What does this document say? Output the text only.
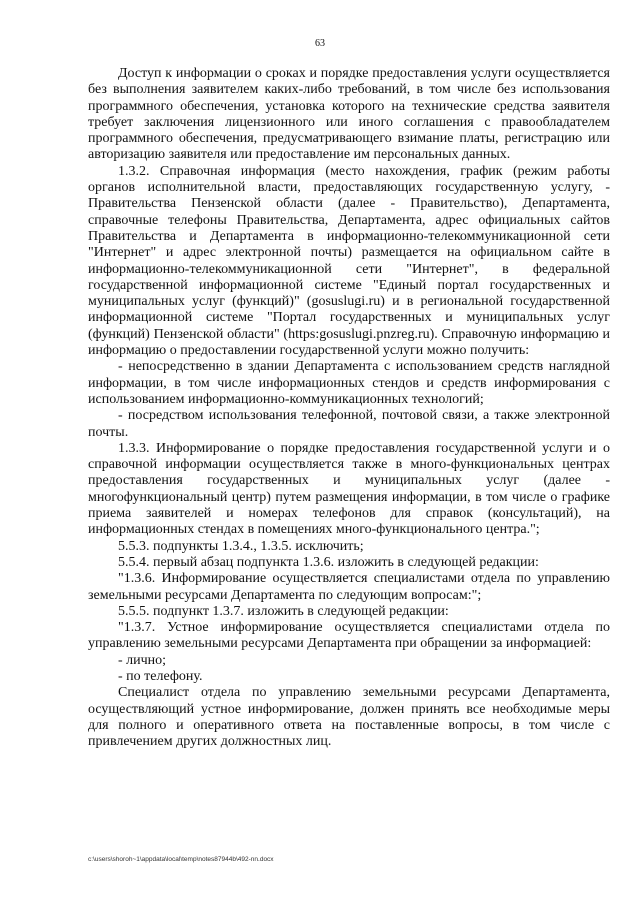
63

Доступ к информации о сроках и порядке предоставления услуги осуществляется без выполнения заявителем каких-либо требований, в том числе без использования программного обеспечения, установка которого на технические средства заявителя требует заключения лицензионного или иного соглашения с правообладателем программного обеспечения, предусматривающего взимание платы, регистрацию или авторизацию заявителя или предоставление им персональных данных.

1.3.2. Справочная информация (место нахождения, график (режим работы органов исполнительной власти, предоставляющих государственную услугу, - Правительства Пензенской области (далее - Правительство), Департамента, справочные телефоны Правительства, Департамента, адрес официальных сайтов Правительства и Департамента в информационно-телекоммуникационной сети "Интернет" и адрес электронной почты) размещается на официальном сайте в информационно-телекоммуникационной сети "Интернет", в федеральной государственной информационной системе "Единый портал государственных и муниципальных услуг (функций)" (gosuslugi.ru) и в региональной государственной информационной системе "Портал государственных и муниципальных услуг (функций) Пензенской области" (https:gosuslugi.pnzreg.ru). Справочную информацию и информацию о предоставлении государственной услуги можно получить:

- непосредственно в здании Департамента с использованием средств наглядной информации, в том числе информационных стендов и средств информирования с использованием информационно-коммуникационных технологий;

- посредством использования телефонной, почтовой связи, а также электронной почты.

1.3.3. Информирование о порядке предоставления государственной услуги и о справочной информации осуществляется также в много-функциональных центрах предоставления государственных и муниципальных услуг (далее - многофункциональный центр) путем размещения информации, в том числе о графике приема заявителей и номерах телефонов для справок (консультаций), на информационных стендах в помещениях много-функционального центра.";

5.5.3. подпункты 1.3.4., 1.3.5. исключить;

5.5.4. первый абзац подпункта 1.3.6. изложить в следующей редакции:

"1.3.6. Информирование осуществляется специалистами отдела по управлению земельными ресурсами Департамента по следующим вопросам:";

5.5.5. подпункт 1.3.7. изложить в следующей редакции:

"1.3.7. Устное информирование осуществляется специалистами отдела по управлению земельными ресурсами Департамента при обращении за информацией:

- лично;

- по телефону.

Специалист отдела по управлению земельными ресурсами Департамента, осуществляющий устное информирование, должен принять все необходимые меры для полного и оперативного ответа на поставленные вопросы, в том числе с привлечением других должностных лиц.

c:\users\shoroh~1\appdata\local\temp\notes87944b\492-nn.docx
